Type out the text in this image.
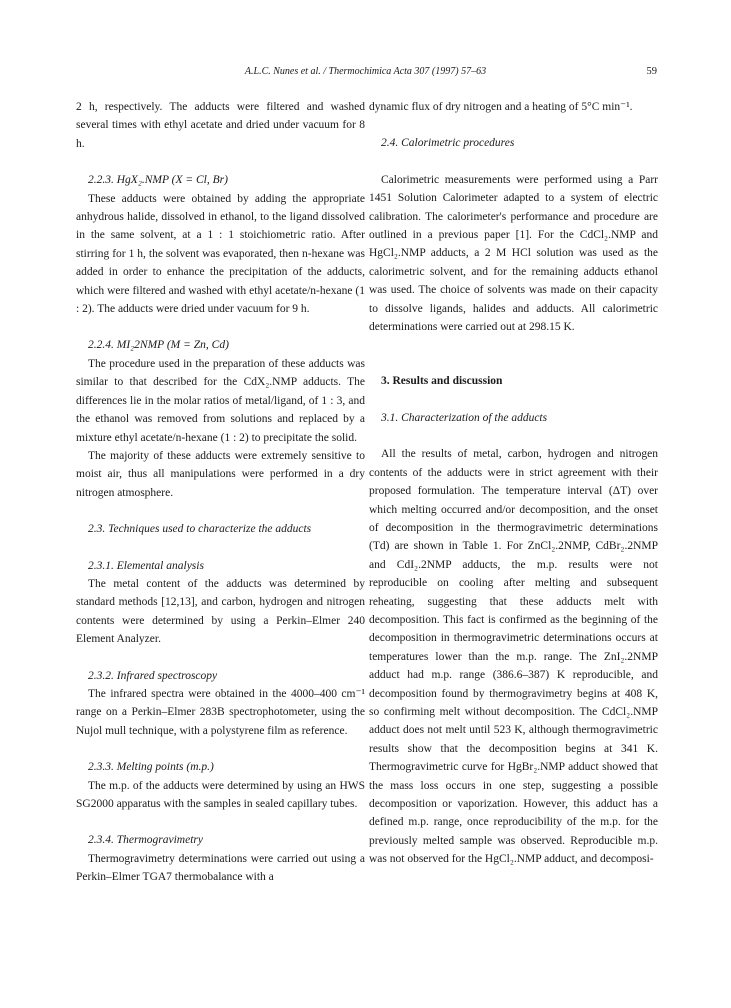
A.L.C. Nunes et al. / Thermochimica Acta 307 (1997) 57–63	59

2 h, respectively. The adducts were filtered and washed several times with ethyl acetate and dried under vacuum for 8 h.

2.2.3. HgX₂.NMP (X = Cl, Br)

These adducts were obtained by adding the appropriate anhydrous halide, dissolved in ethanol, to the ligand dissolved in the same solvent, at a 1 : 1 stoichiometric ratio. After stirring for 1 h, the solvent was evaporated, then n-hexane was added in order to enhance the precipitation of the adducts, which were filtered and washed with ethyl acetate/n-hexane (1 : 2). The adducts were dried under vacuum for 9 h.

2.2.4. MI₂2NMP (M = Zn, Cd)

The procedure used in the preparation of these adducts was similar to that described for the CdX₂.NMP adducts. The differences lie in the molar ratios of metal/ligand, of 1 : 3, and the ethanol was removed from solutions and replaced by a mixture ethyl acetate/n-hexane (1 : 2) to precipitate the solid.

The majority of these adducts were extremely sensitive to moist air, thus all manipulations were performed in a dry nitrogen atmosphere.

2.3. Techniques used to characterize the adducts

2.3.1. Elemental analysis

The metal content of the adducts was determined by standard methods [12,13], and carbon, hydrogen and nitrogen contents were determined by using a Perkin–Elmer 240 Element Analyzer.

2.3.2. Infrared spectroscopy

The infrared spectra were obtained in the 4000–400 cm⁻¹ range on a Perkin–Elmer 283B spectrophotometer, using the Nujol mull technique, with a polystyrene film as reference.

2.3.3. Melting points (m.p.)

The m.p. of the adducts were determined by using an HWS SG2000 apparatus with the samples in sealed capillary tubes.

2.3.4. Thermogravimetry

Thermogravimetry determinations were carried out using a Perkin–Elmer TGA7 thermobalance with a

dynamic flux of dry nitrogen and a heating of 5°C min⁻¹.

2.4. Calorimetric procedures

Calorimetric measurements were performed using a Parr 1451 Solution Calorimeter adapted to a system of electric calibration. The calorimeter's performance and procedure are outlined in a previous paper [1]. For the CdCl₂.NMP and HgCl₂.NMP adducts, a 2 M HCl solution was used as the calorimetric solvent, and for the remaining adducts ethanol was used. The choice of solvents was made on their capacity to dissolve ligands, halides and adducts. All calorimetric determinations were carried out at 298.15 K.

3. Results and discussion

3.1. Characterization of the adducts

All the results of metal, carbon, hydrogen and nitrogen contents of the adducts were in strict agreement with their proposed formulation. The temperature interval (ΔT) over which melting occurred and/or decomposition, and the onset of decomposition in the thermogravimetric determinations (Td) are shown in Table 1. For ZnCl₂.2NMP, CdBr₂.2NMP and CdI₂.2NMP adducts, the m.p. results were not reproducible on cooling after melting and subsequent reheating, suggesting that these adducts melt with decomposition. This fact is confirmed as the beginning of the decomposition in thermogravimetric determinations occurs at temperatures lower than the m.p. range. The ZnI₂.2NMP adduct had m.p. range (386.6–387) K reproducible, and decomposition found by thermogravimetry begins at 408 K, so confirming melt without decomposition. The CdCl₂.NMP adduct does not melt until 523 K, although thermogravimetric results show that the decomposition begins at 341 K. Thermogravimetric curve for HgBr₂.NMP adduct showed that the mass loss occurs in one step, suggesting a possible decomposition or vaporization. However, this adduct has a defined m.p. range, once reproducibility of the m.p. for the previously melted sample was observed. Reproducible m.p. was not observed for the HgCl₂.NMP adduct, and decomposi-
